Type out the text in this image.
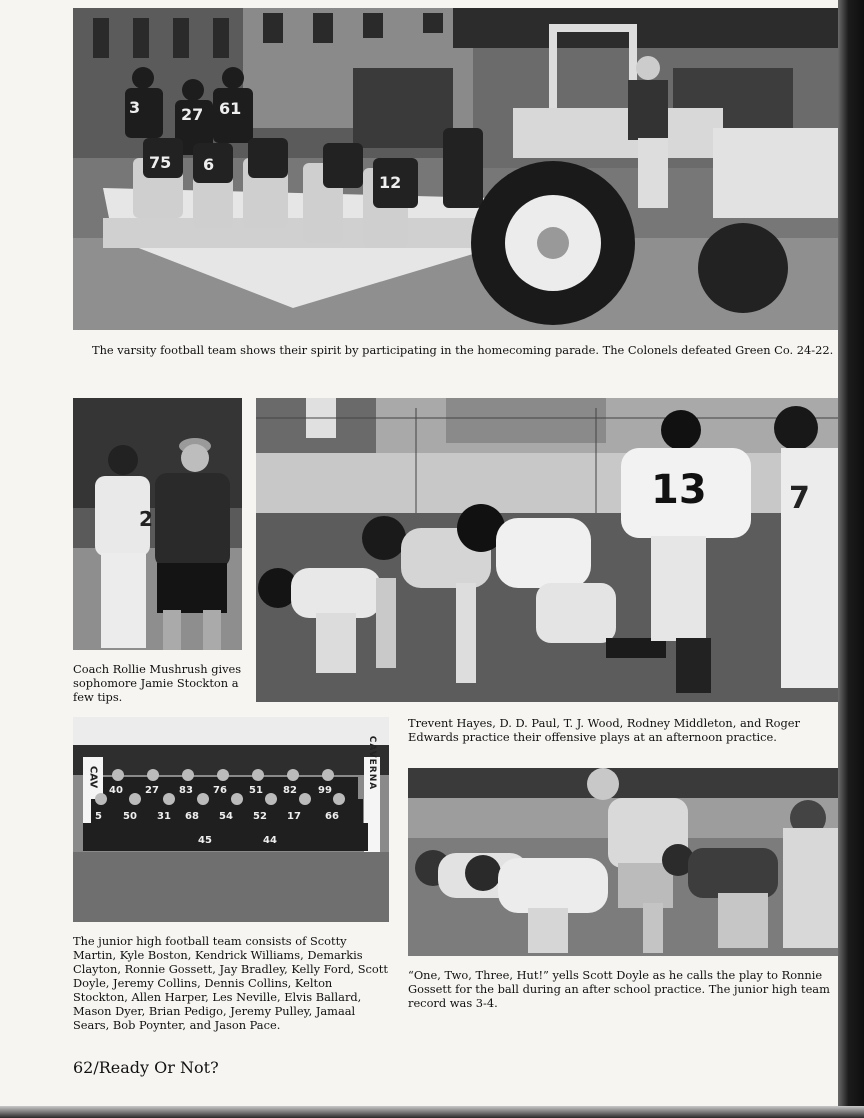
3	27 61
75 6
12
The varsity football team shows their spirit by participating in the homecoming parade. The Colonels defeated Green Co. 24-22.
2
Coach Rollie Mushrush gives sophomore Jamie Stockton a few tips.
13	7
Trevent Hayes, D. D. Paul, T. J. Wood, Rodney Middleton, and Roger Edwards practice their offensive plays at an afternoon practice.
CAV	CAVERNA
40 27 83 76 51 82 99
5 50 31 68 54 52 17 66
45	44
The junior high football team consists of Scotty Martin, Kyle Boston, Kendrick Williams, Demarkis Clayton, Ronnie Gossett, Jay Bradley, Kelly Ford, Scott Doyle, Jeremy Collins, Dennis Collins, Kelton Stockton, Allen Harper, Les Neville, Elvis Ballard, Mason Dyer, Brian Pedigo, Jeremy Pulley, Jamaal Sears, Bob Poynter, and Jason Pace.
“One, Two, Three, Hut!” yells Scott Doyle as he calls the play to Ronnie Gossett for the ball during an after school practice. The junior high team record was 3-4.
62/Ready Or Not?
